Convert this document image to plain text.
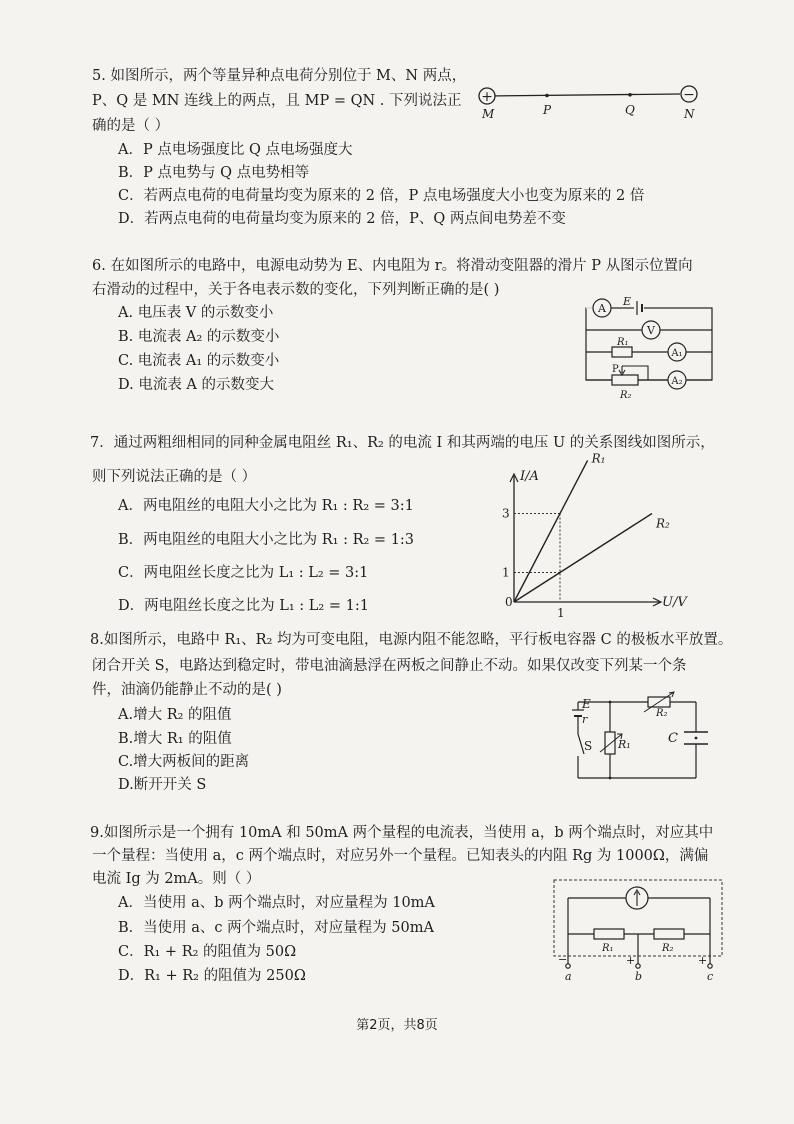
5. 如图所示，两个等量异种点电荷分别位于 M、N 两点，
P、Q 是 MN 连线上的两点，且 MP = QN . 下列说法正
确的是（ ）
A．P 点电场强度比 Q 点电场强度大
B．P 点电势与 Q 点电势相等
C．若两点电荷的电荷量均变为原来的 2 倍，P 点电场强度大小也变为原来的 2 倍
D．若两点电荷的电荷量均变为原来的 2 倍，P、Q 两点间电势差不变
+	−
M	P	Q	N
6. 在如图所示的电路中，电源电动势为 E、内电阻为 r。将滑动变阻器的滑片 P 从图示位置向
右滑动的过程中，关于各电表示数的变化，下列判断正确的是( )
A. 电压表 V 的示数变小
B. 电流表 A₂ 的示数变小
C. 电流表 A₁ 的示数变小
D. 电流表 A 的示数变大
A
E
V
R₁
A₁
P
A₂
R₂
7．通过两粗细相同的同种金属电阻丝 R₁、R₂ 的电流 I 和其两端的电压 U 的关系图线如图所示，
则下列说法正确的是（ ）
A．两电阻丝的电阻大小之比为 R₁ : R₂ = 3:1
B．两电阻丝的电阻大小之比为 R₁ : R₂ = 1:3
C．两电阻丝长度之比为 L₁ : L₂ = 3:1
D．两电阻丝长度之比为 L₁ : L₂ = 1:1
I/A
U/V
0
1
3
1
R₁
R₂
8.如图所示，电路中 R₁、R₂ 均为可变电阻，电源内阻不能忽略，平行板电容器 C 的极板水平放置。
闭合开关 S，电路达到稳定时，带电油滴悬浮在两板之间静止不动。如果仅改变下列某一个条
件，油滴仍能静止不动的是( )
A.增大 R₂ 的阻值
B.增大 R₁ 的阻值
C.增大两板间的距离
D.断开开关 S
E
r
S R₁
R₂
C
9.如图所示是一个拥有 10mA 和 50mA 两个量程的电流表，当使用 a，b 两个端点时，对应其中
一个量程：当使用 a，c 两个端点时，对应另外一个量程。已知表头的内阻 Rg 为 1000Ω，满偏
电流 Ig 为 2mA。则（ ）
A．当使用 a、b 两个端点时，对应量程为 10mA
B．当使用 a、c 两个端点时，对应量程为 50mA
C．R₁ + R₂ 的阻值为 50Ω
D．R₁ + R₂ 的阻值为 250Ω
R₁	R₂
−	+	+
a	b	c
第2页，共8页
